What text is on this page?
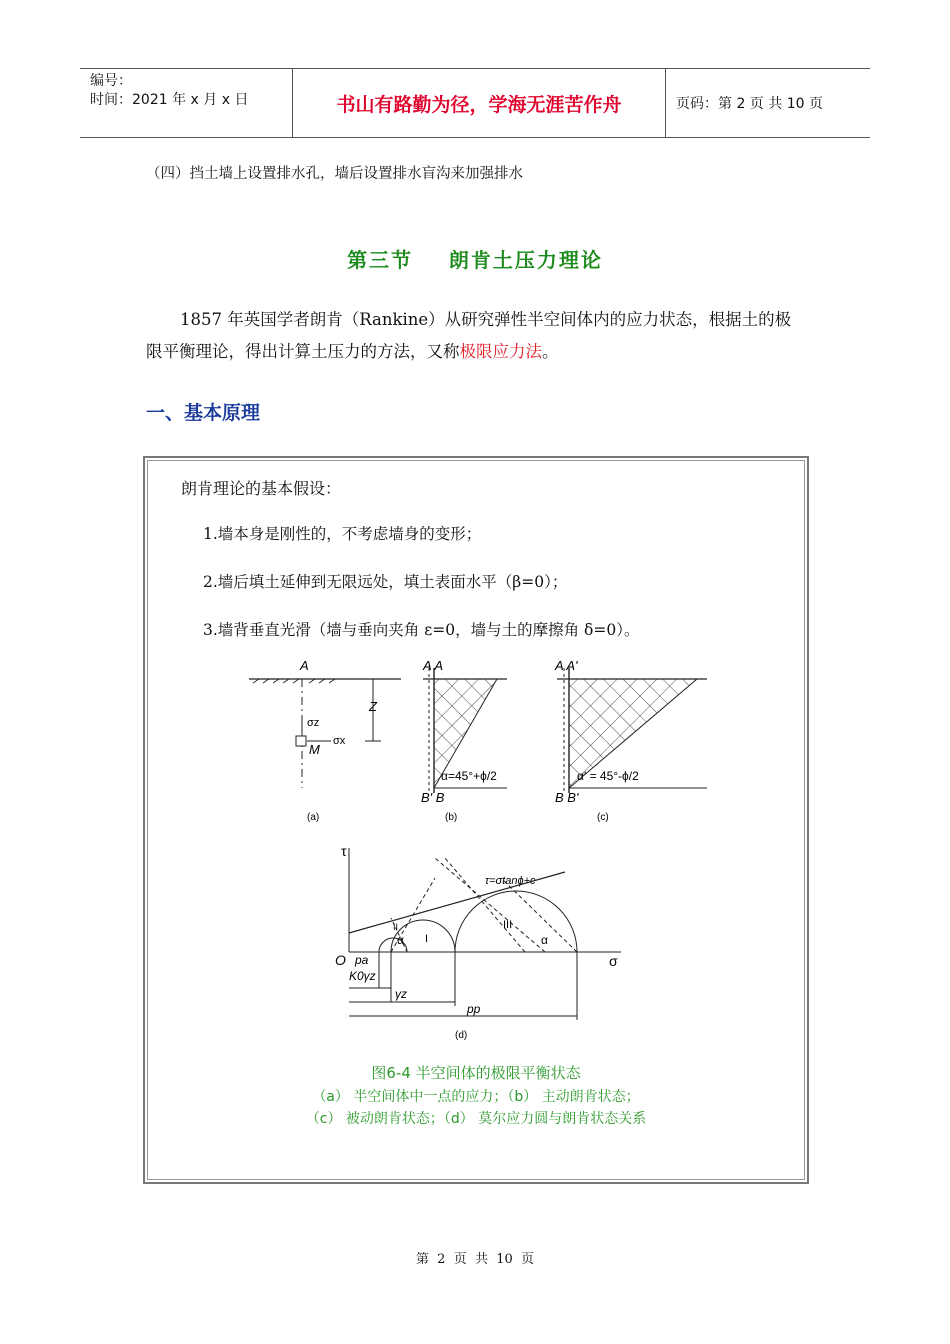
编号：
时间：2021 年 x 月 x 日	书山有路勤为径，学海无涯苦作舟	页码：第 2 页 共 10 页
（四）挡土墙上设置排水孔，墙后设置排水盲沟来加强排水
第三节    朗肯土压力理论
1857 年英国学者朗肯（Rankine）从研究弹性半空间体内的应力状态，根据土的极限平衡理论，得出计算土压力的方法，又称极限应力法。
一、基本原理
朗肯理论的基本假设：
1.墙本身是刚性的，不考虑墙身的变形；
2.墙后填土延伸到无限远处，填土表面水平（β=0）；
3.墙背垂直光滑（墙与垂向夹角 ε=0，墙与土的摩擦角 δ=0）。
A
Z
σz
σx
M
(a)
A A
B' B
α=45°+ϕ/2
(b)
A A'
B B'
α' = 45°-ϕ/2
(c)
τ
σ
O
τ=σtanϕ+c
I
II	III
α	α
pa
K0γz
γz
pp
(d)
图6-4 半空间体的极限平衡状态
（a） 半空间体中一点的应力；（b） 主动朗肯状态；
（c） 被动朗肯状态；（d） 莫尔应力圆与朗肯状态关系
第  2  页  共  10  页
